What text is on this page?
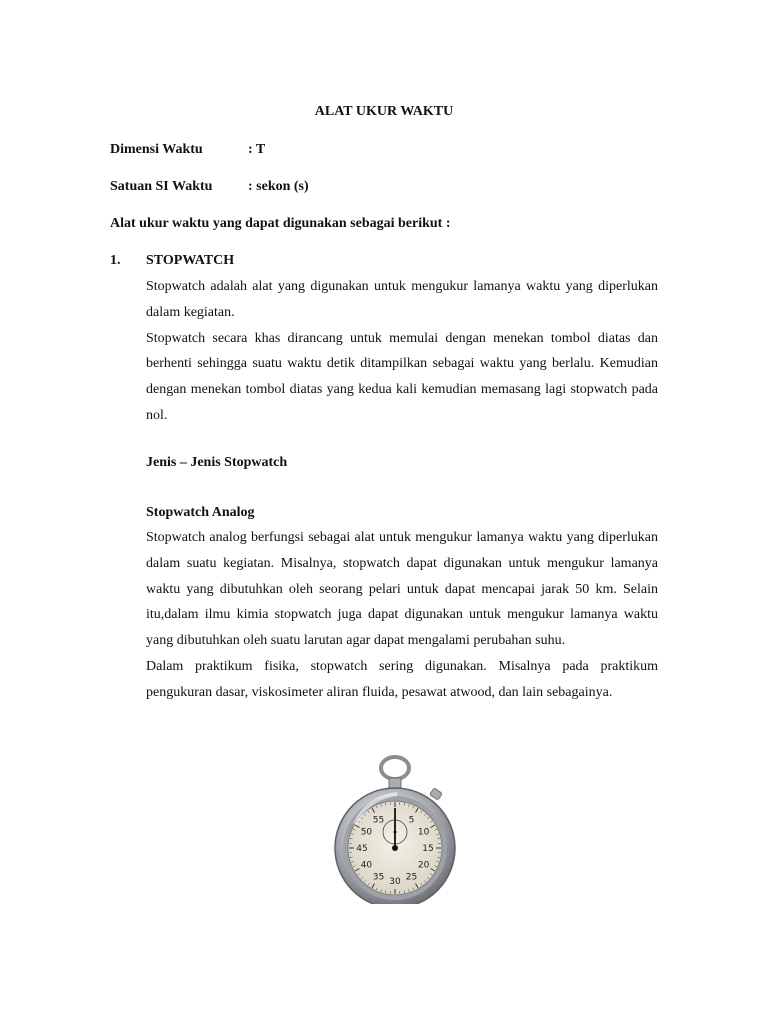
ALAT UKUR WAKTU
Dimensi Waktu	: T
Satuan SI Waktu	: sekon (s)
Alat ukur waktu yang dapat digunakan sebagai berikut :
1. STOPWATCH

Stopwatch adalah alat yang digunakan untuk mengukur lamanya waktu yang diperlukan dalam kegiatan.

Stopwatch secara khas dirancang untuk memulai dengan menekan tombol diatas dan berhenti sehingga suatu waktu detik ditampilkan sebagai waktu yang berlalu. Kemudian dengan menekan tombol diatas yang kedua kali kemudian memasang lagi stopwatch pada nol.

Jenis – Jenis Stopwatch
Stopwatch Analog

Stopwatch analog berfungsi sebagai alat untuk mengukur lamanya waktu yang diperlukan dalam suatu kegiatan. Misalnya, stopwatch dapat digunakan untuk mengukur lamanya waktu yang dibutuhkan oleh seorang pelari untuk dapat mencapai jarak 50 km. Selain itu,dalam ilmu kimia stopwatch juga dapat digunakan untuk mengukur lamanya waktu yang dibutuhkan oleh suatu larutan agar dapat mengalami perubahan suhu.

Dalam praktikum fisika, stopwatch sering digunakan. Misalnya pada praktikum pengukuran dasar, viskosimeter aliran fluida, pesawat atwood, dan lain sebagainya.

5
10
15
20
25
30
35
40
45
50
55
